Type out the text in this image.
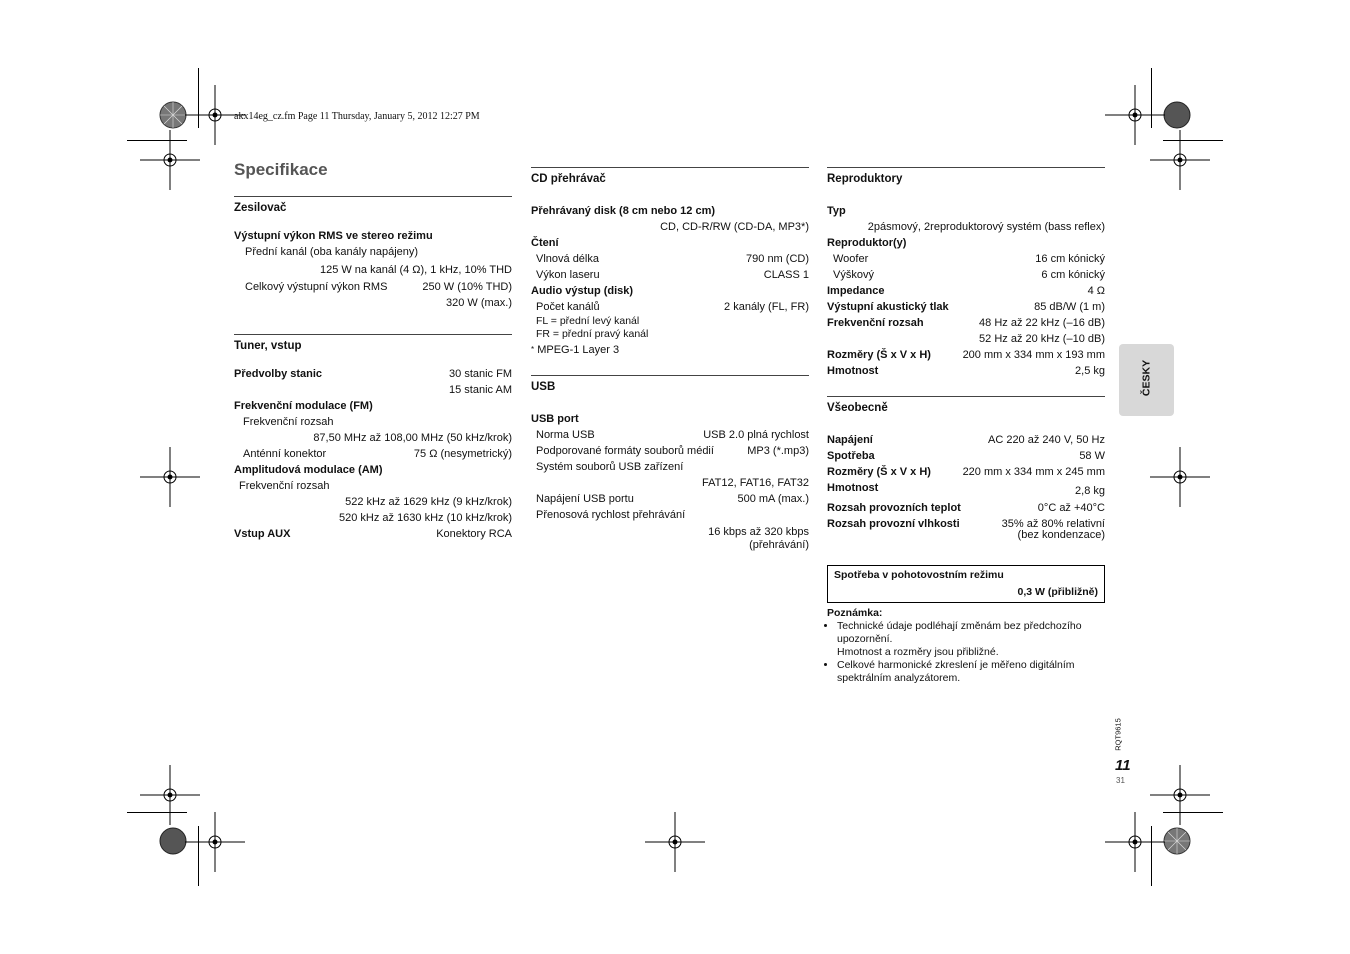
akx14eg_cz.fm Page 11 Thursday, January 5, 2012 12:27 PM
Specifikace
Zesilovač
Výstupní výkon RMS ve stereo režimu
Přední kanál (oba kanály napájeny)
125 W na kanál (4 Ω), 1 kHz, 10% THD
Celkový výstupní výkon RMS	250 W (10% THD)
320 W (max.)
Tuner, vstup
Předvolby stanic	30 stanic FM
15 stanic AM
Frekvenční modulace (FM)
Frekvenční rozsah
87,50 MHz až 108,00 MHz (50 kHz/krok)
Anténní konektor	75 Ω (nesymetrický)
Amplitudová modulace (AM)
Frekvenční rozsah
522 kHz až 1629 kHz (9 kHz/krok)
520 kHz až 1630 kHz (10 kHz/krok)
Vstup AUX	Konektory RCA
CD přehrávač
Přehrávaný disk (8 cm nebo 12 cm)
CD, CD-R/RW (CD-DA, MP3*)
Čtení
Vlnová délka	790 nm (CD)
Výkon laseru	CLASS 1
Audio výstup (disk)
Počet kanálů	2 kanály (FL, FR)
FL = přední levý kanál
FR = přední pravý kanál
* MPEG-1 Layer 3
USB
USB port
Norma USB	USB 2.0 plná rychlost
Podporované formáty souborů médií	MP3 (*.mp3)
Systém souborů USB zařízení
FAT12, FAT16, FAT32
Napájení USB portu	500 mA (max.)
Přenosová rychlost přehrávání
16 kbps až 320 kbps
(přehrávání)
Reproduktory
Typ
2pásmový, 2reproduktorový systém (bass reflex)
Reproduktor(y)
Woofer	16 cm kónický
Výškový	6 cm kónický
Impedance	4 Ω
Výstupní akustický tlak	85 dB/W (1 m)
Frekvenční rozsah	48 Hz až 22 kHz (–16 dB)
52 Hz až 20 kHz (–10 dB)
Rozměry (Š x V x H)	200 mm x 334 mm x 193 mm
Hmotnost	2,5 kg
Všeobecně
Napájení	AC 220 až 240 V, 50 Hz
Spotřeba	58 W
Rozměry (Š x V x H)	220 mm x 334 mm x 245 mm
Hmotnost	2,8 kg
Rozsah provozních teplot	0°C až +40°C
Rozsah provozní vlhkosti	35% až 80% relativní
(bez kondenzace)
Spotřeba v pohotovostním režimu
0,3 W (přibližně)
Poznámka:
• Technické údaje podléhají změnám bez předchozího upozornění.
Hmotnost a rozměry jsou přibližné.
• Celkové harmonické zkreslení je měřeno digitálním spektrálním analyzátorem.
ČESKY
RQT9615
11
31
